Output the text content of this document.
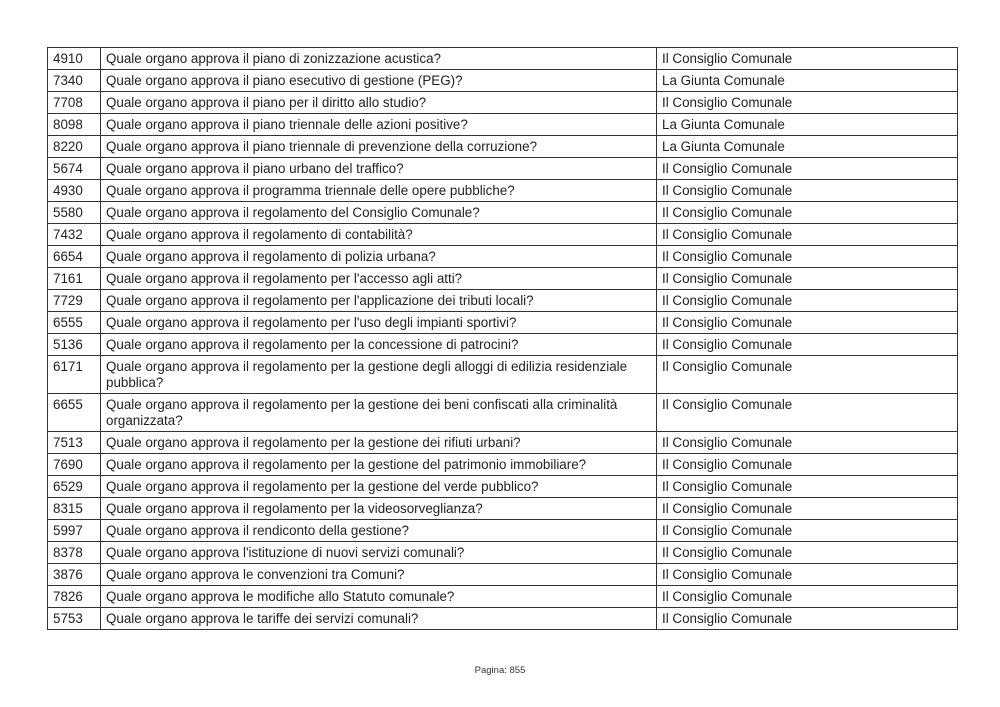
4910	Quale organo approva il piano di zonizzazione acustica?	Il Consiglio Comunale
7340	Quale organo approva il piano esecutivo di gestione (PEG)?	La Giunta Comunale
7708	Quale organo approva il piano per il diritto allo studio?	Il Consiglio Comunale
8098	Quale organo approva il piano triennale delle azioni positive?	La Giunta Comunale
8220	Quale organo approva il piano triennale di prevenzione della corruzione?	La Giunta Comunale
5674	Quale organo approva il piano urbano del traffico?	Il Consiglio Comunale
4930	Quale organo approva il programma triennale delle opere pubbliche?	Il Consiglio Comunale
5580	Quale organo approva il regolamento del Consiglio Comunale?	Il Consiglio Comunale
7432	Quale organo approva il regolamento di contabilità?	Il Consiglio Comunale
6654	Quale organo approva il regolamento di polizia urbana?	Il Consiglio Comunale
7161	Quale organo approva il regolamento per l'accesso agli atti?	Il Consiglio Comunale
7729	Quale organo approva il regolamento per l'applicazione dei tributi locali?	Il Consiglio Comunale
6555	Quale organo approva il regolamento per l'uso degli impianti sportivi?	Il Consiglio Comunale
5136	Quale organo approva il regolamento per la concessione di patrocini?	Il Consiglio Comunale
6171	Quale organo approva il regolamento per la gestione degli alloggi di edilizia residenziale pubblica?	Il Consiglio Comunale
6655	Quale organo approva il regolamento per la gestione dei beni confiscati alla criminalità organizzata?	Il Consiglio Comunale
7513	Quale organo approva il regolamento per la gestione dei rifiuti urbani?	Il Consiglio Comunale
7690	Quale organo approva il regolamento per la gestione del patrimonio immobiliare?	Il Consiglio Comunale
6529	Quale organo approva il regolamento per la gestione del verde pubblico?	Il Consiglio Comunale
8315	Quale organo approva il regolamento per la videosorveglianza?	Il Consiglio Comunale
5997	Quale organo approva il rendiconto della gestione?	Il Consiglio Comunale
8378	Quale organo approva l'istituzione di nuovi servizi comunali?	Il Consiglio Comunale
3876	Quale organo approva le convenzioni tra Comuni?	Il Consiglio Comunale
7826	Quale organo approva le modifiche allo Statuto comunale?	Il Consiglio Comunale
5753	Quale organo approva le tariffe dei servizi comunali?	Il Consiglio Comunale
Pagina: 855
